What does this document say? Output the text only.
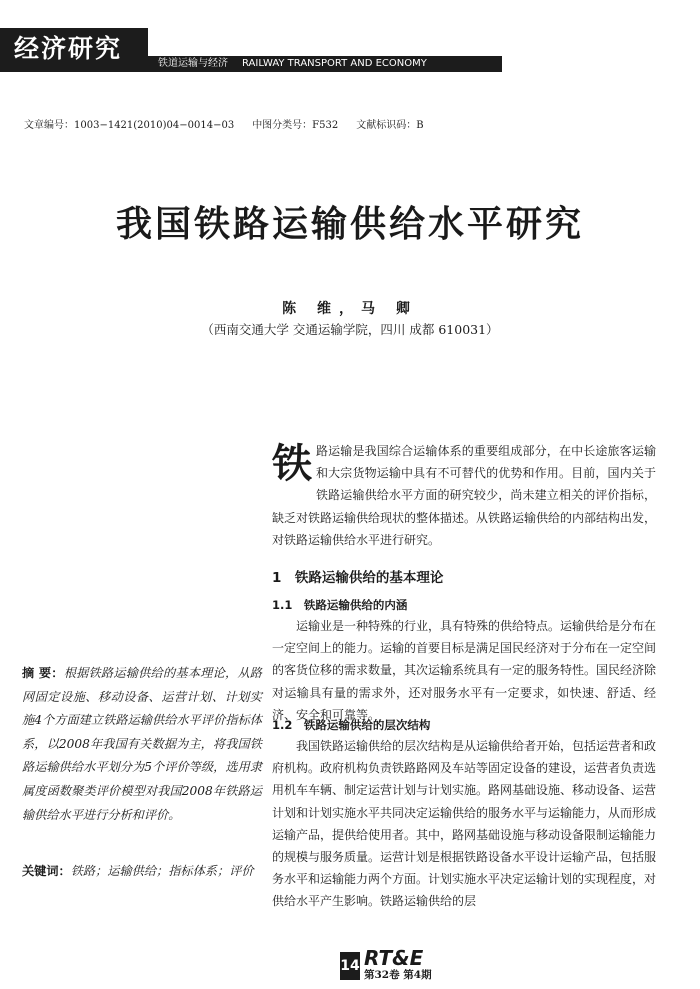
经济研究
铁道运输与经济 RAILWAY TRANSPORT AND ECONOMY
文章编号：1003−1421(2010)04−0014−03 中图分类号：F532 文献标识码：B
我国铁路运输供给水平研究
陈 维，马 卿
（西南交通大学 交通运输学院，四川 成都 610031）
摘 要：根据铁路运输供给的基本理论，从路网固定设施、移动设备、运营计划、计划实施4个方面建立铁路运输供给水平评价指标体系，以2008年我国有关数据为主，将我国铁路运输供给水平划分为5个评价等级，选用隶属度函数聚类评价模型对我国2008年铁路运输供给水平进行分析和评价。
关键词：铁路；运输供给；指标体系；评价
铁路运输是我国综合运输体系的重要组成部分，在中长途旅客运输和大宗货物运输中具有不可替代的优势和作用。目前，国内关于铁路运输供给水平方面的研究较少，尚未建立相关的评价指标，缺乏对铁路运输供给现状的整体描述。从铁路运输供给的内部结构出发，对铁路运输供给水平进行研究。
1　铁路运输供给的基本理论
1.1　铁路运输供给的内涵
运输业是一种特殊的行业，具有特殊的供给特点。运输供给是分布在一定空间上的能力。运输的首要目标是满足国民经济对于分布在一定空间的客货位移的需求数量，其次运输系统具有一定的服务特性。国民经济除对运输具有量的需求外，还对服务水平有一定要求，如快速、舒适、经济、安全和可靠等。
1.2　铁路运输供给的层次结构
我国铁路运输供给的层次结构是从运输供给者开始，包括运营者和政府机构。政府机构负责铁路路网及车站等固定设备的建设，运营者负责选用机车车辆、制定运营计划与计划实施。路网基础设施、移动设备、运营计划和计划实施水平共同决定运输供给的服务水平与运输能力，从而形成运输产品，提供给使用者。其中，路网基础设施与移动设备限制运输能力的规模与服务质量。运营计划是根据铁路设备水平设计运输产品，包括服务水平和运输能力两个方面。计划实施水平决定运输计划的实现程度，对供给水平产生影响。铁路运输供给的层
14 RT&E
第32卷 第4期
